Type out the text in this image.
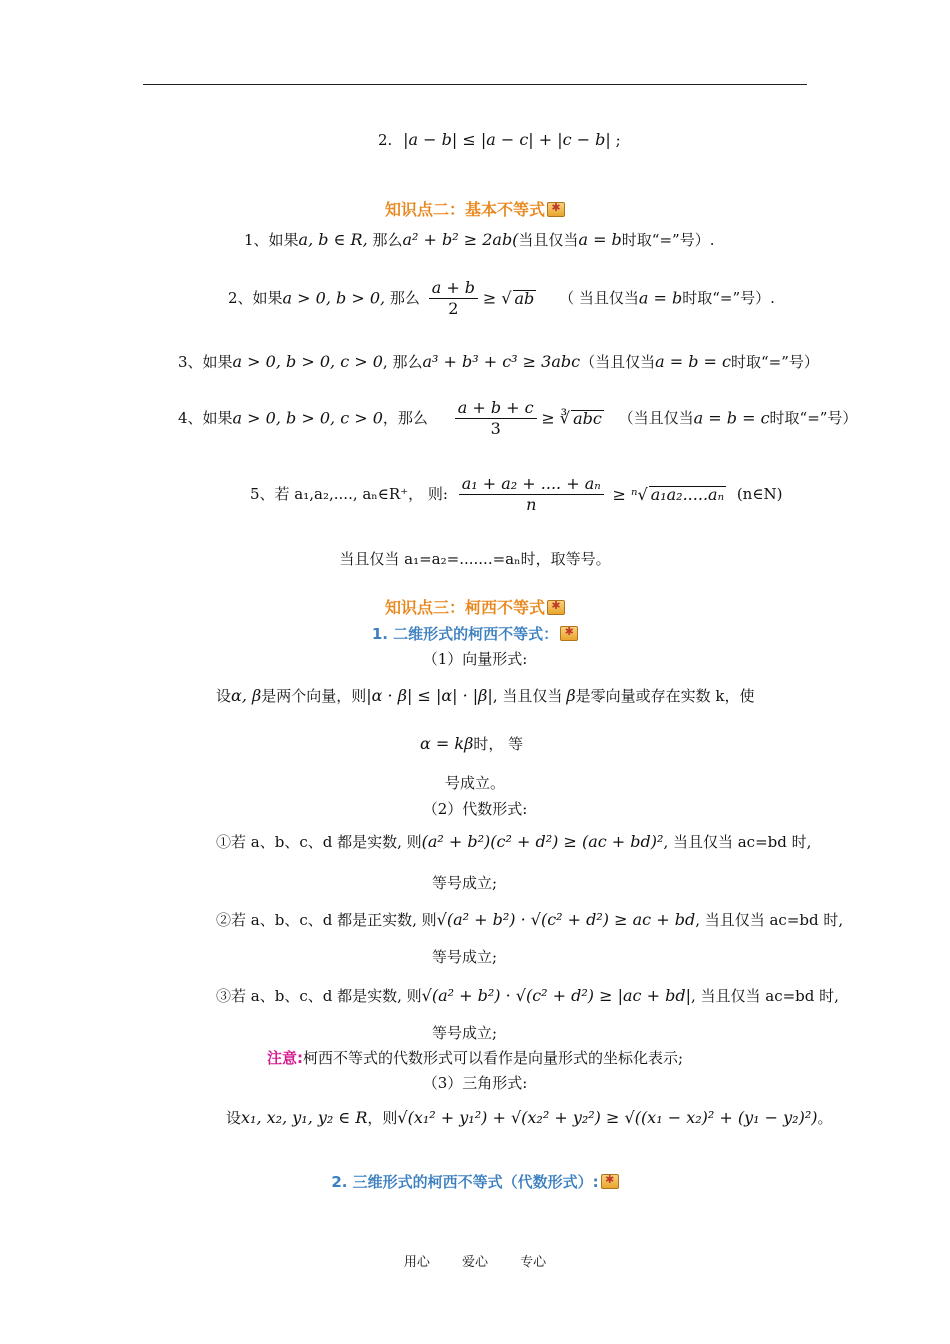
2. |a − b| ≤ |a − c| + |c − b| ;
知识点二：基本不等式✱
1、如果a, b ∈ R, 那么a² + b² ≥ 2ab(当且仅当a = b时取“=”号）.
2、如果a > 0, b > 0, 那么 $\frac{a + b}{2}$ ≥ √ ab （ 当且仅当a = b时取“=”号）.
3、如果a > 0, b > 0, c > 0, 那么a³ + b³ + c³ ≥ 3abc（当且仅当a = b = c时取“=”号）
4、如果a > 0, b > 0, c > 0，那么 $\frac{a + b + c}{3}$ ≥ ∛ abc （当且仅当a = b = c时取“=”号）
5、若 a₁,a₂,...., aₙ∈R⁺， 则: $\frac{\text{a₁ + a₂ + .... + aₙ}}{n} \ge ^n√$ a₁a₂.....aₙ (n∈N)
当且仅当 a₁=a₂=.......=aₙ时，取等号。
知识点三：柯西不等式✱
1. 二维形式的柯西不等式：✱
（1）向量形式:
设α, β是两个向量，则|α · β| ≤ |α| · |β|, 当且仅当 β是零向量或存在实数 k，使
α = kβ时， 等
号成立。
（2）代数形式:
①若 a、b、c、d 都是实数, 则(a² + b²)(c² + d²) ≥ (ac + bd)², 当且仅当 ac=bd 时,
等号成立;
②若 a、b、c、d 都是正实数, 则√(a² + b²) · √(c² + d²) ≥ ac + bd, 当且仅当 ac=bd 时,
等号成立;
③若 a、b、c、d 都是实数, 则√(a² + b²) · √(c² + d²) ≥ |ac + bd|, 当且仅当 ac=bd 时,
等号成立;
注意:柯西不等式的代数形式可以看作是向量形式的坐标化表示;
（3）三角形式:
设x₁, x₂, y₁, y₂ ∈ R，则√(x₁² + y₁²) + √(x₂² + y₂²) ≥ √((x₁ − x₂)² + (y₁ − y₂)²)。
2. 三维形式的柯西不等式（代数形式）:✱
用心 爱心 专心
